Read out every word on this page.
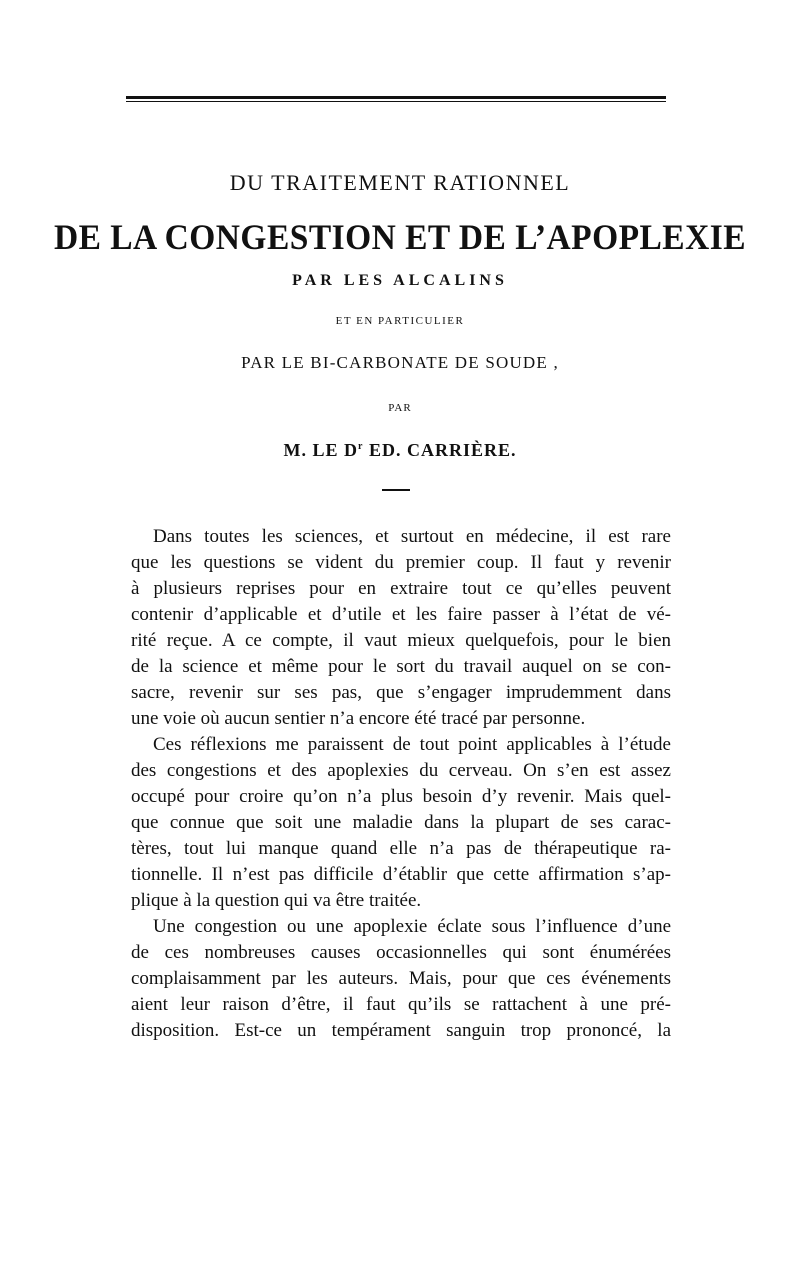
DU TRAITEMENT RATIONNEL
DE LA CONGESTION ET DE L’APOPLEXIE
PAR LES ALCALINS
ET EN PARTICULIER
PAR LE BI-CARBONATE DE SOUDE ,
PAR
M. LE $D^r$ ED. CARRIÈRE.
Dans toutes les sciences, et surtout en médecine, il est rare
que les questions se vident du premier coup. Il faut y revenir
à plusieurs reprises pour en extraire tout ce qu’elles peuvent
contenir d’applicable et d’utile et les faire passer à l’état de vé-
rité reçue. A ce compte, il vaut mieux quelquefois, pour le bien
de la science et même pour le sort du travail auquel on se con-
sacre, revenir sur ses pas, que s’engager imprudemment dans
une voie où aucun sentier n’a encore été tracé par personne.
Ces réflexions me paraissent de tout point applicables à l’étude
des congestions et des apoplexies du cerveau. On s’en est assez
occupé pour croire qu’on n’a plus besoin d’y revenir. Mais quel-
que connue que soit une maladie dans la plupart de ses carac-
tères, tout lui manque quand elle n’a pas de thérapeutique ra-
tionnelle. Il n’est pas difficile d’établir que cette affirmation s’ap-
plique à la question qui va être traitée.
Une congestion ou une apoplexie éclate sous l’influence d’une
de ces nombreuses causes occasionnelles qui sont énumérées
complaisamment par les auteurs. Mais, pour que ces événements
aient leur raison d’être, il faut qu’ils se rattachent à une pré-
disposition. Est-ce un tempérament sanguin trop prononcé, la
